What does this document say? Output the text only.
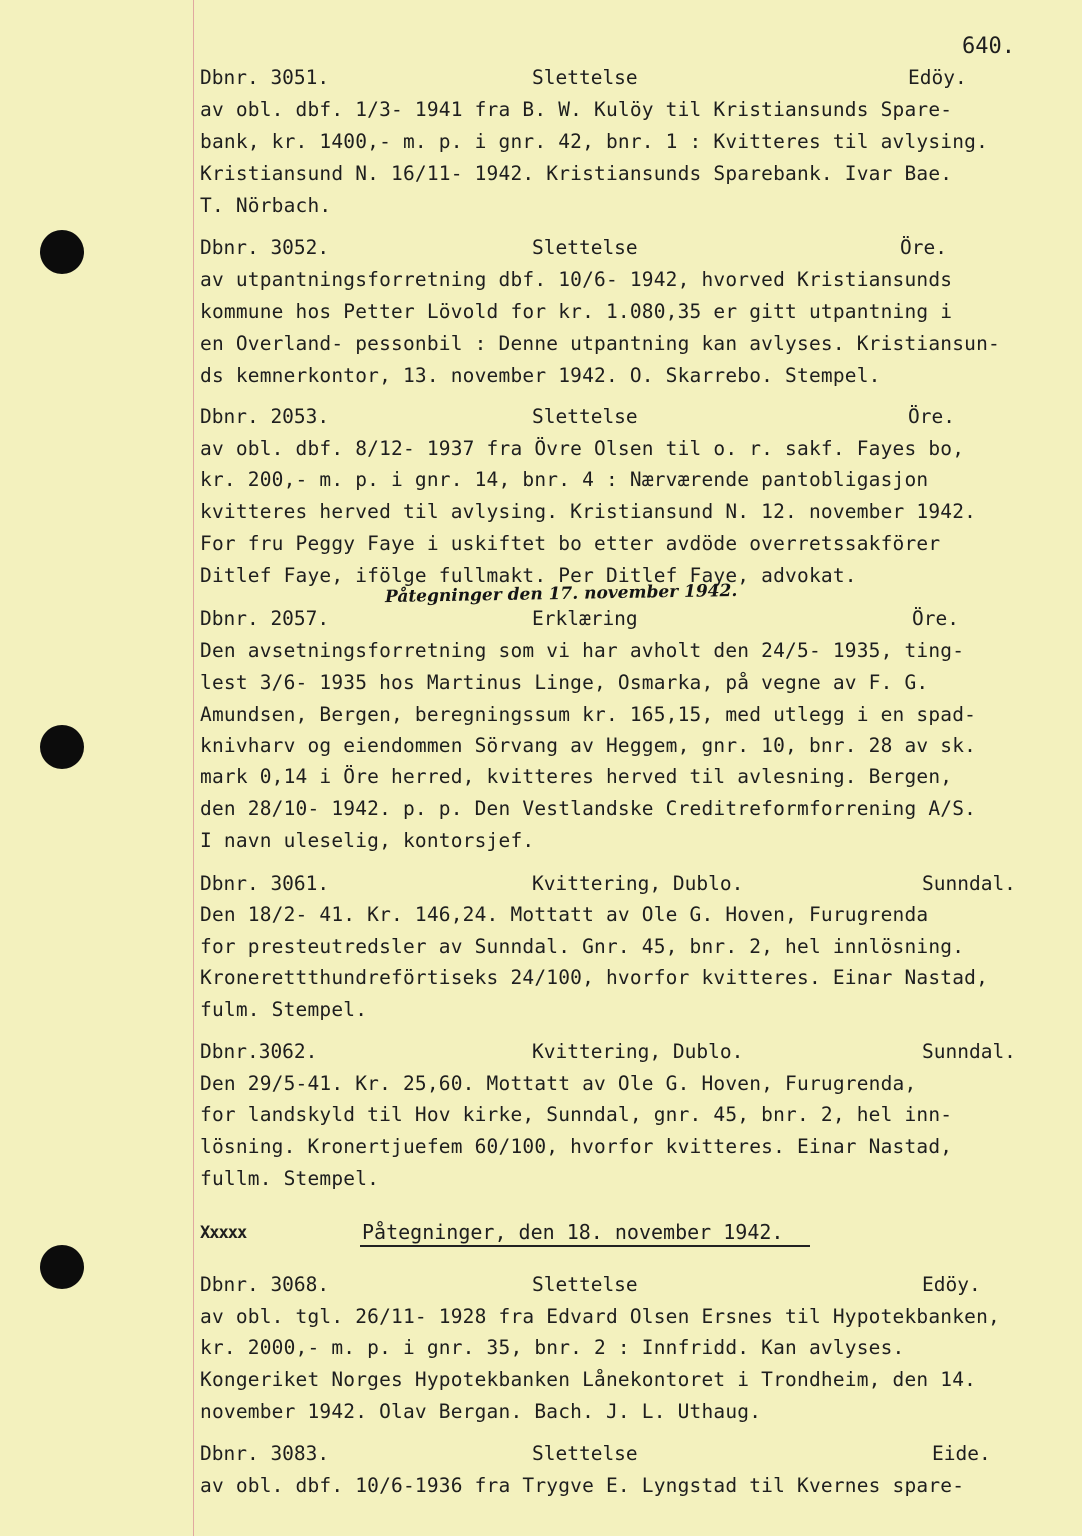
640.
Dbnr. 3051.	Slettelse	Edöy.
av obl. dbf. 1/3- 1941 fra B. W. Kulöy til Kristiansunds Spare-
bank, kr. 1400,- m. p. i gnr. 42, bnr. 1 : Kvitteres til avlysing.
Kristiansund N. 16/11- 1942. Kristiansunds Sparebank. Ivar Bae.
T. Nörbach.
Dbnr. 3052.	Slettelse	Öre.
av utpantningsforretning dbf. 10/6- 1942, hvorved Kristiansunds
kommune hos Petter Lövold for kr. 1.080,35 er gitt utpantning i
en Overland- pessonbil : Denne utpantning kan avlyses. Kristiansun-
ds kemnerkontor, 13. november 1942. O. Skarrebo. Stempel.
Dbnr. 2053.	Slettelse	Öre.
av obl. dbf. 8/12- 1937 fra Övre Olsen til o. r. sakf. Fayes bo,
kr. 200,- m. p. i gnr. 14, bnr. 4 : Nærværende pantobligasjon
kvitteres herved til avlysing. Kristiansund N. 12. november 1942.
For fru Peggy Faye i uskiftet bo etter avdöde overretssakförer
Ditlef Faye, ifölge fullmakt. Per Ditlef Faye, advokat.
Påtegninger den 17. november 1942.
Dbnr. 2057.	Erklæring	Öre.
Den avsetningsforretning som vi har avholt den 24/5- 1935, ting-
lest 3/6- 1935 hos Martinus Linge, Osmarka, på vegne av F. G.
Amundsen, Bergen, beregningssum kr. 165,15, med utlegg i en spad-
knivharv og eiendommen Sörvang av Heggem, gnr. 10, bnr. 28 av sk.
mark 0,14 i Öre herred, kvitteres herved til avlesning. Bergen,
den 28/10- 1942. p. p. Den Vestlandske Creditreformforrening A/S.
I navn uleselig, kontorsjef.
Dbnr. 3061.	Kvittering, Dublo.	Sunndal.
Den 18/2- 41. Kr. 146,24. Mottatt av Ole G. Hoven, Furugrenda
for presteutredsler av Sunndal. Gnr. 45, bnr. 2, hel innlösning.
Kronerettthundreförtiseks 24/100, hvorfor kvitteres. Einar Nastad,
fulm. Stempel.
Dbnr.3062.	Kvittering, Dublo.	Sunndal.
Den 29/5-41. Kr. 25,60. Mottatt av Ole G. Hoven, Furugrenda,
for landskyld til Hov kirke, Sunndal, gnr. 45, bnr. 2, hel inn-
lösning. Kronertjuefem 60/100, hvorfor kvitteres. Einar Nastad,
fullm. Stempel.
Xxxxx	Påtegninger, den 18. november 1942.
Dbnr. 3068.	Slettelse	Edöy.
av obl. tgl. 26/11- 1928 fra Edvard Olsen Ersnes til Hypotekbanken,
kr. 2000,- m. p. i gnr. 35, bnr. 2 : Innfridd. Kan avlyses.
Kongeriket Norges Hypotekbanken Lånekontoret i Trondheim, den 14.
november 1942. Olav Bergan. Bach. J. L. Uthaug.
Dbnr. 3083.	Slettelse	Eide.
av obl. dbf. 10/6-1936 fra Trygve E. Lyngstad til Kvernes spare-
